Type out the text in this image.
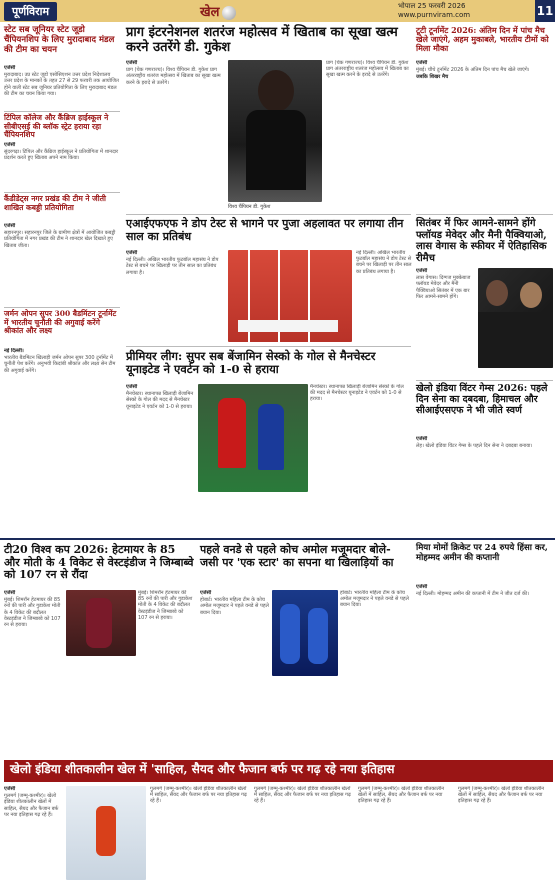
पूर्णविराम	खेल	भोपाल 25 फरवरी 2026
www.purnviram.com	11
स्टेट सब जूनियर स्टेट जूडो चैंपियनशिप के लिए मुरादाबाद मंडल की टीम का चयन

एजेंसी

मुरादाबाद। उप्र स्टेट जूडो एसोसिएशन उत्तर प्रदेश निदेशालय उत्तर प्रदेश के मानकों के तहत 27 से 29 फरवरी तक आयोजित होने वाली स्टेट सब जूनियर प्रतियोगिता के लिए मुरादाबाद मंडल की टीम का चयन किया गया।

टिंपिल कॉलेज और कैंब्रिज हाईस्कूल ने सीबीएसई की ब्लॉक स्ट्रेट हराया रहा चैंपियनशिप

एजेंसी

सुंदरगढ़ा। टिंपिल और कैंब्रिज हाईस्कूल ने प्रतियोगिता में शानदार प्रदर्शन करते हुए खिताब अपने नाम किया।

कैंडीडेट्स नगर प्रखंड की टीम ने जीती शाखित कबड्डी प्रतियोगिता

एजेंसी

सहारनपुर। सहारनपुर जिले के ग्रामीण क्षेत्रों में आयोजित कबड्डी प्रतियोगिता में नगर प्रखंड की टीम ने शानदार खेल दिखाते हुए खिताब जीता।

जर्मन ओपन सुपर 300 बैडमिंटन टूर्नामेंट में भारतीय चुनौती की अगुवाई करेंगे श्रीकांत और लक्ष्य

नई दिल्ली।

भारतीय बैडमिंटन खिलाड़ी जर्मन ओपन सुपर 300 टूर्नामेंट में चुनौती पेश करेंगे। अनुभवी किदांबी श्रीकांत और लक्ष्य सेन टीम की अगुवाई करेंगे।

प्राग इंटरनेशनल शतरंज महोत्सव में खिताब का सूखा खत्म करने उतरेंगे डी. गुकेश

एजेंसी

प्राग (चेक गणराज्य)। विश्व चैंपियन डी. गुकेश प्राग अंतरराष्ट्रीय शतरंज महोत्सव में खिताब का सूखा खत्म करने के इरादे से उतरेंगे।

विश्व चैंपियन डी. गुकेश

प्राग (चेक गणराज्य)। विश्व चैंपियन डी. गुकेश प्राग अंतरराष्ट्रीय शतरंज महोत्सव में खिताब का सूखा खत्म करने के इरादे से उतरेंगे।

टूटी टूर्नामेंट 2026: अंतिम दिन में पांच मैच खेले जाएंगे, अहम मुकाबले, भारतीय टीमों को मिला मौका

एजेंसी

मुंबई। चौथे टूर्नामेंट 2026 के अंतिम दिन पांच मैच खेले जाएंगे।

जबकि शिखर मैच

एआईएफएफ ने डोप टेस्ट से भागने पर पुजा अहलावत पर लगाया तीन साल का प्रतिबंध

एजेंसी

नई दिल्ली। अखिल भारतीय फुटबॉल महासंघ ने डोप टेस्ट से बचने पर खिलाड़ी पर तीन साल का प्रतिबंध लगाया है।

नई दिल्ली। अखिल भारतीय फुटबॉल महासंघ ने डोप टेस्ट से बचने पर खिलाड़ी पर तीन साल का प्रतिबंध लगाया है।

सितंबर में फिर आमने-सामने होंगे फ्लॉयड मेवेदर और मैनी पैक्वियाओ, लास वेगास के स्फीयर में ऐतिहासिक रीमैच

एजेंसी

लास वेगास। दिग्गज मुक्केबाज फ्लॉयड मेवेदर और मैनी पैक्वियाओ सितंबर में एक बार फिर आमने-सामने होंगे।

प्रीमियर लीग: सुपर सब बेंजामिन सेस्को के गोल से मैनचेस्टर यूनाइटेड ने एवर्टन को 1-0 से हराया

एजेंसी

मैनचेस्टर। स्थानापन्न खिलाड़ी बेंजामिन सेस्को के गोल की मदद से मैनचेस्टर यूनाइटेड ने एवर्टन को 1-0 से हराया।

मैनचेस्टर। स्थानापन्न खिलाड़ी बेंजामिन सेस्को के गोल की मदद से मैनचेस्टर यूनाइटेड ने एवर्टन को 1-0 से हराया।

खेलो इंडिया विंटर गेम्स 2026: पहले दिन सेना का दबदबा, हिमाचल और सीआईएसएफ ने भी जीते स्वर्ण

एजेंसी

लेह। खेलो इंडिया विंटर गेम्स के पहले दिन सेना ने दबदबा बनाया।

टी20 विश्व कप 2026: हेटमायर के 85 और मोती के 4 विकेट से वेस्टइंडीज ने जिम्बाब्वे को 107 रन से रौंदा

एजेंसी

मुंबई। शिमरॉन हेटमायर की 85 रनों की पारी और गुडाकेश मोती के 4 विकेट की बदौलत वेस्टइंडीज ने जिम्बाब्वे को 107 रन से हराया।

मुंबई। शिमरॉन हेटमायर की 85 रनों की पारी और गुडाकेश मोती के 4 विकेट की बदौलत वेस्टइंडीज ने जिम्बाब्वे को 107 रन से हराया।

पहले वनडे से पहले कोच अमोल मजूमदार बोले- जसी पर 'एक स्टार' का सपना था खिलाड़ियों का

एजेंसी

होबार्ट। भारतीय महिला टीम के कोच अमोल मजूमदार ने पहले वनडे से पहले बयान दिया।

होबार्ट। भारतीय महिला टीम के कोच अमोल मजूमदार ने पहले वनडे से पहले बयान दिया।

मिया मोमों क्रिकेट पर 24 रुपये हिंसा कर, मोहम्मद अमीन की कप्तानी

एजेंसी

नई दिल्ली। मोहम्मद अमीन की कप्तानी में टीम ने जीत दर्ज की।

खेलो इंडिया शीतकालीन खेल में 'साहिल, सैयद और फैजान बर्फ पर गढ़ रहे नया इतिहास

एजेंसी

गुलमर्ग (जम्मू-कश्मीर)। खेलो इंडिया शीतकालीन खेलों में साहिल, सैयद और फैजान बर्फ पर नया इतिहास गढ़ रहे हैं।

गुलमर्ग (जम्मू-कश्मीर)। खेलो इंडिया शीतकालीन खेलों में साहिल, सैयद और फैजान बर्फ पर नया इतिहास गढ़ रहे हैं।

गुलमर्ग (जम्मू-कश्मीर)। खेलो इंडिया शीतकालीन खेलों में साहिल, सैयद और फैजान बर्फ पर नया इतिहास गढ़ रहे हैं।

गुलमर्ग (जम्मू-कश्मीर)। खेलो इंडिया शीतकालीन खेलों में साहिल, सैयद और फैजान बर्फ पर नया इतिहास गढ़ रहे हैं।

गुलमर्ग (जम्मू-कश्मीर)। खेलो इंडिया शीतकालीन खेलों में साहिल, सैयद और फैजान बर्फ पर नया इतिहास गढ़ रहे हैं।
